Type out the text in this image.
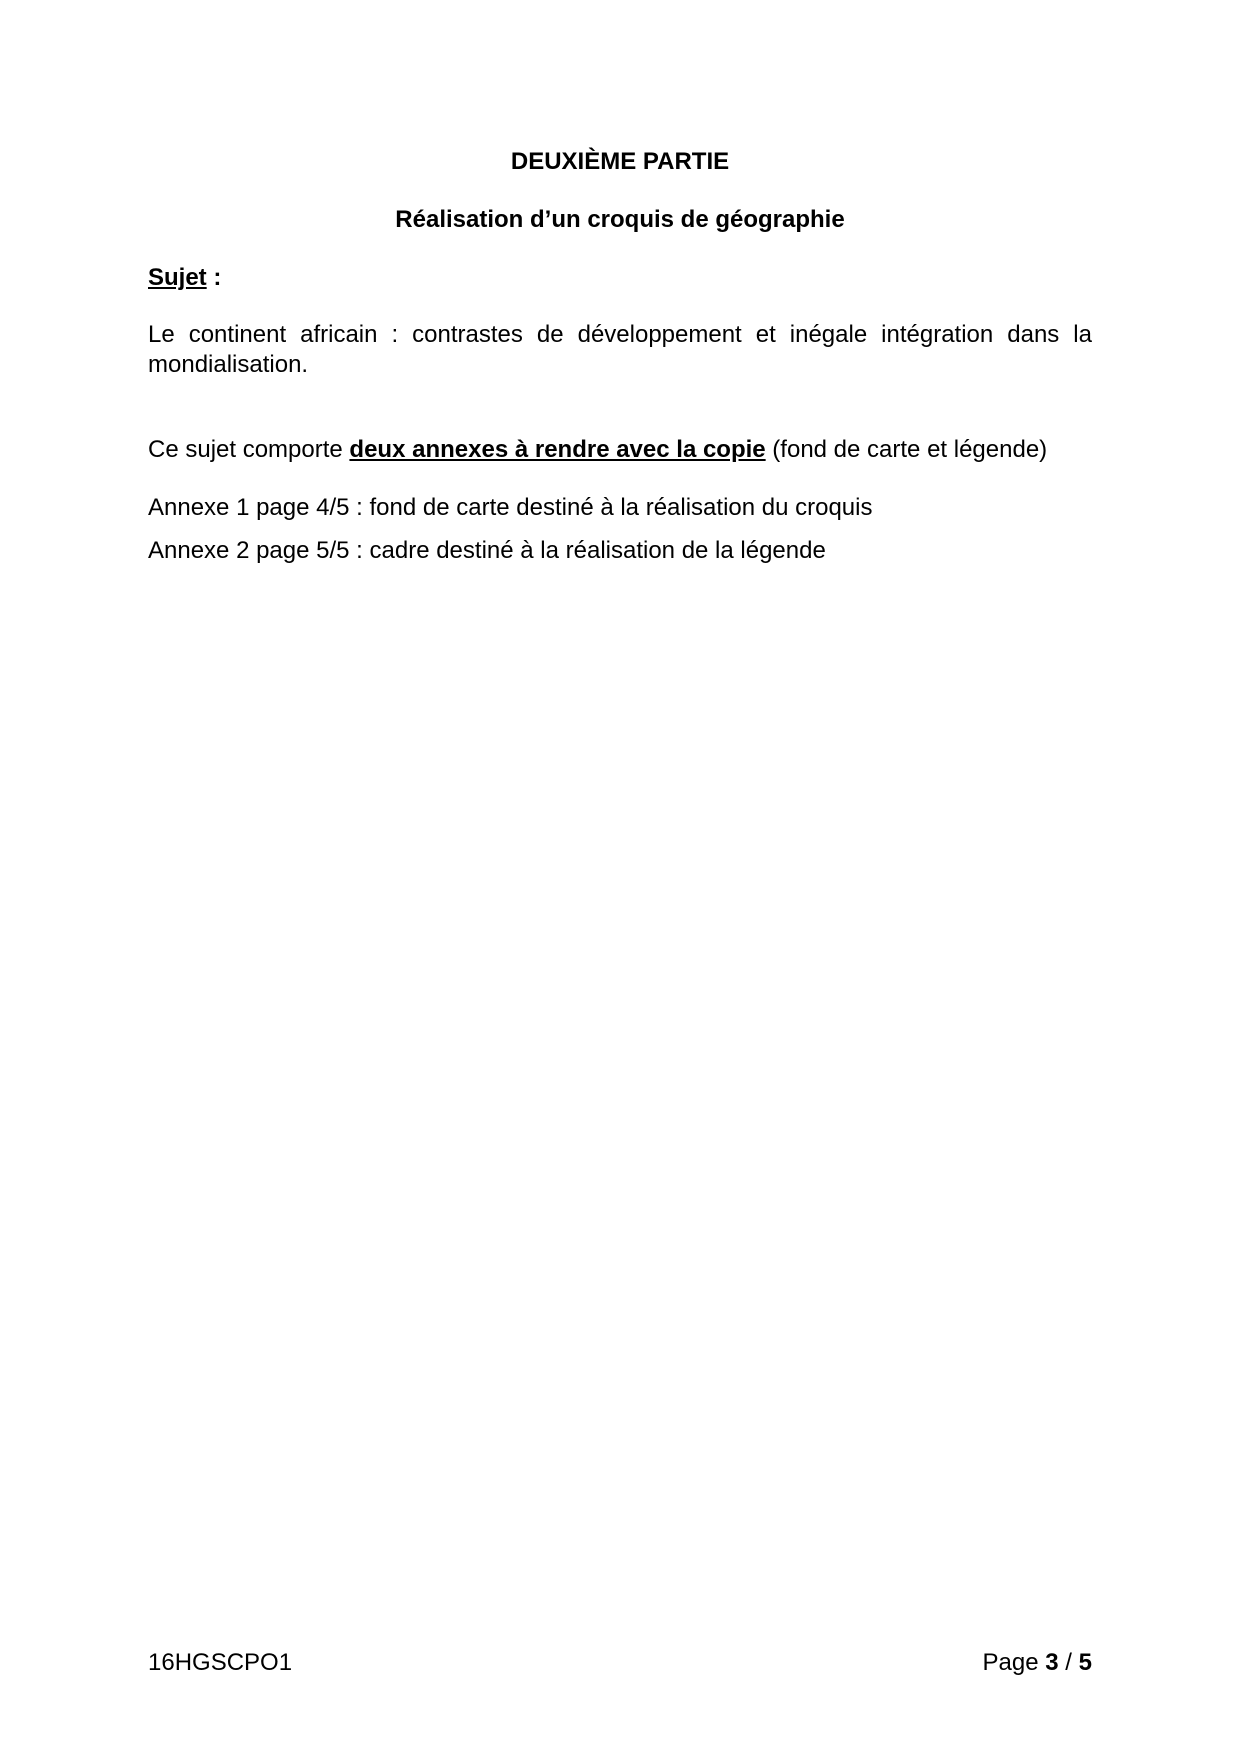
DEUXIÈME PARTIE
Réalisation d’un croquis de géographie
Sujet :
Le continent africain : contrastes de développement et inégale intégration dans la
mondialisation.
Ce sujet comporte deux annexes à rendre avec la copie (fond de carte et légende)
Annexe 1 page 4/5 : fond de carte destiné à la réalisation du croquis
Annexe 2 page 5/5 : cadre destiné à la réalisation de la légende
16HGSCPO1	Page 3 / 5
